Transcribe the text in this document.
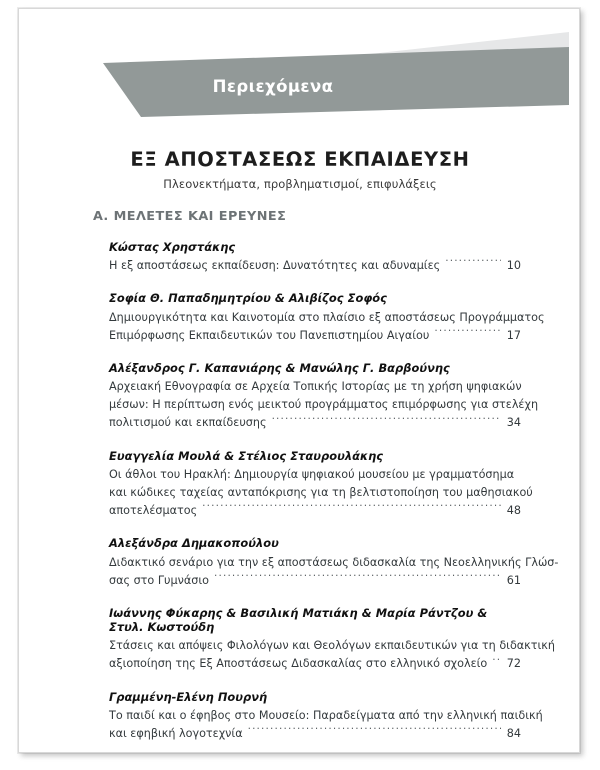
Περιεχόμενα
ΕΞ ΑΠΟΣΤΑΣΕΩΣ ΕΚΠΑΙΔΕΥΣΗ
Πλεονεκτήματα, προβληματισμοί, επιφυλάξεις
Α. ΜΕΛΕΤΕΣ ΚΑΙ ΕΡΕΥΝΕΣ
Κώστας Χρηστάκης
Η εξ αποστάσεως εκπαίδευση: Δυνατότητες και αδυναμίες .....	10
Σοφία Θ. Παπαδημητρίου & Αλιβίζος Σοφός
Δημιουργικότητα και Καινοτομία στο πλαίσιο εξ αποστάσεως Προγράμματος
Επιμόρφωσης Εκπαιδευτικών του Πανεπιστημίου Αιγαίου .....	17
Αλέξανδρος Γ. Καπανιάρης & Μανώλης Γ. Βαρβούνης
Αρχειακή Εθνογραφία σε Αρχεία Τοπικής Ιστορίας με τη χρήση ψηφιακών
μέσων: Η περίπτωση ενός μεικτού προγράμματος επιμόρφωσης για στελέχη
πολιτισμού και εκπαίδευσης .....	34
Ευαγγελία Μουλά & Στέλιος Σταυρουλάκης
Οι άθλοι του Ηρακλή: Δημιουργία ψηφιακού μουσείου με γραμματόσημα
και κώδικες ταχείας ανταπόκρισης για τη βελτιστοποίηση του μαθησιακού
αποτελέσματος .....	48
Αλεξάνδρα Δημακοπούλου
Διδακτικό σενάριο για την εξ αποστάσεως διδασκαλία της Νεοελληνικής Γλώσ-
σας στο Γυμνάσιο .....	61
Ιωάννης Φύκαρης & Βασιλική Ματιάκη & Μαρία Ράντζου & Στυλ. Κωστούδη
Στάσεις και απόψεις Φιλολόγων και Θεολόγων εκπαιδευτικών για τη διδακτική
αξιοποίηση της Εξ Αποστάσεως Διδασκαλίας στο ελληνικό σχολείο ..... 72
Γραμμένη-Ελένη Πουρνή
Το παιδί και ο έφηβος στο Μουσείο: Παραδείγματα από την ελληνική παιδική
και εφηβική λογοτεχνία .....	84
